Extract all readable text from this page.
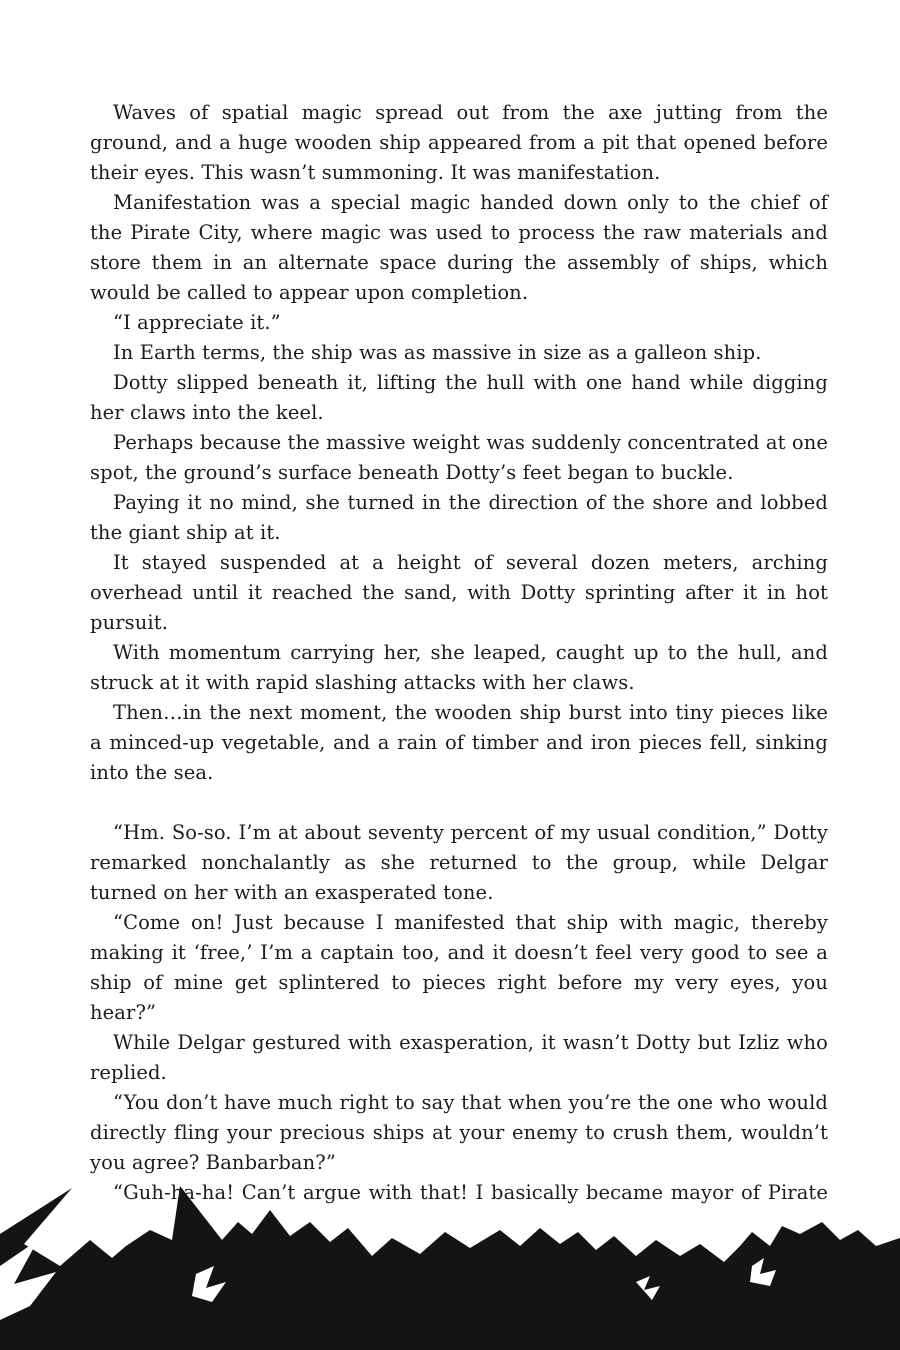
Waves of spatial magic spread out from the axe jutting from the ground, and a huge wooden ship appeared from a pit that opened before their eyes. This wasn’t summoning. It was manifestation.

Manifestation was a special magic handed down only to the chief of the Pirate City, where magic was used to process the raw materials and store them in an alternate space during the assembly of ships, which would be called to appear upon completion.

“I appreciate it.”

In Earth terms, the ship was as massive in size as a galleon ship.

Dotty slipped beneath it, lifting the hull with one hand while digging her claws into the keel.

Perhaps because the massive weight was suddenly concentrated at one spot, the ground’s surface beneath Dotty’s feet began to buckle.

Paying it no mind, she turned in the direction of the shore and lobbed the giant ship at it.

It stayed suspended at a height of several dozen meters, arching overhead until it reached the sand, with Dotty sprinting after it in hot pursuit.

With momentum carrying her, she leaped, caught up to the hull, and struck at it with rapid slashing attacks with her claws.

Then…in the next moment, the wooden ship burst into tiny pieces like a minced-up vegetable, and a rain of timber and iron pieces fell, sinking into the sea.

“Hm. So-so. I’m at about seventy percent of my usual condition,” Dotty remarked nonchalantly as she returned to the group, while Delgar turned on her with an exasperated tone.

“Come on! Just because I manifested that ship with magic, thereby making it ‘free,’ I’m a captain too, and it doesn’t feel very good to see a ship of mine get splintered to pieces right before my very eyes, you hear?”

While Delgar gestured with exasperation, it wasn’t Dotty but Izliz who replied.

“You don’t have much right to say that when you’re the one who would directly fling your precious ships at your enemy to crush them, wouldn’t you agree? Banbarban?”

“Guh-ha-ha! Can’t argue with that! I basically became mayor of Pirate
